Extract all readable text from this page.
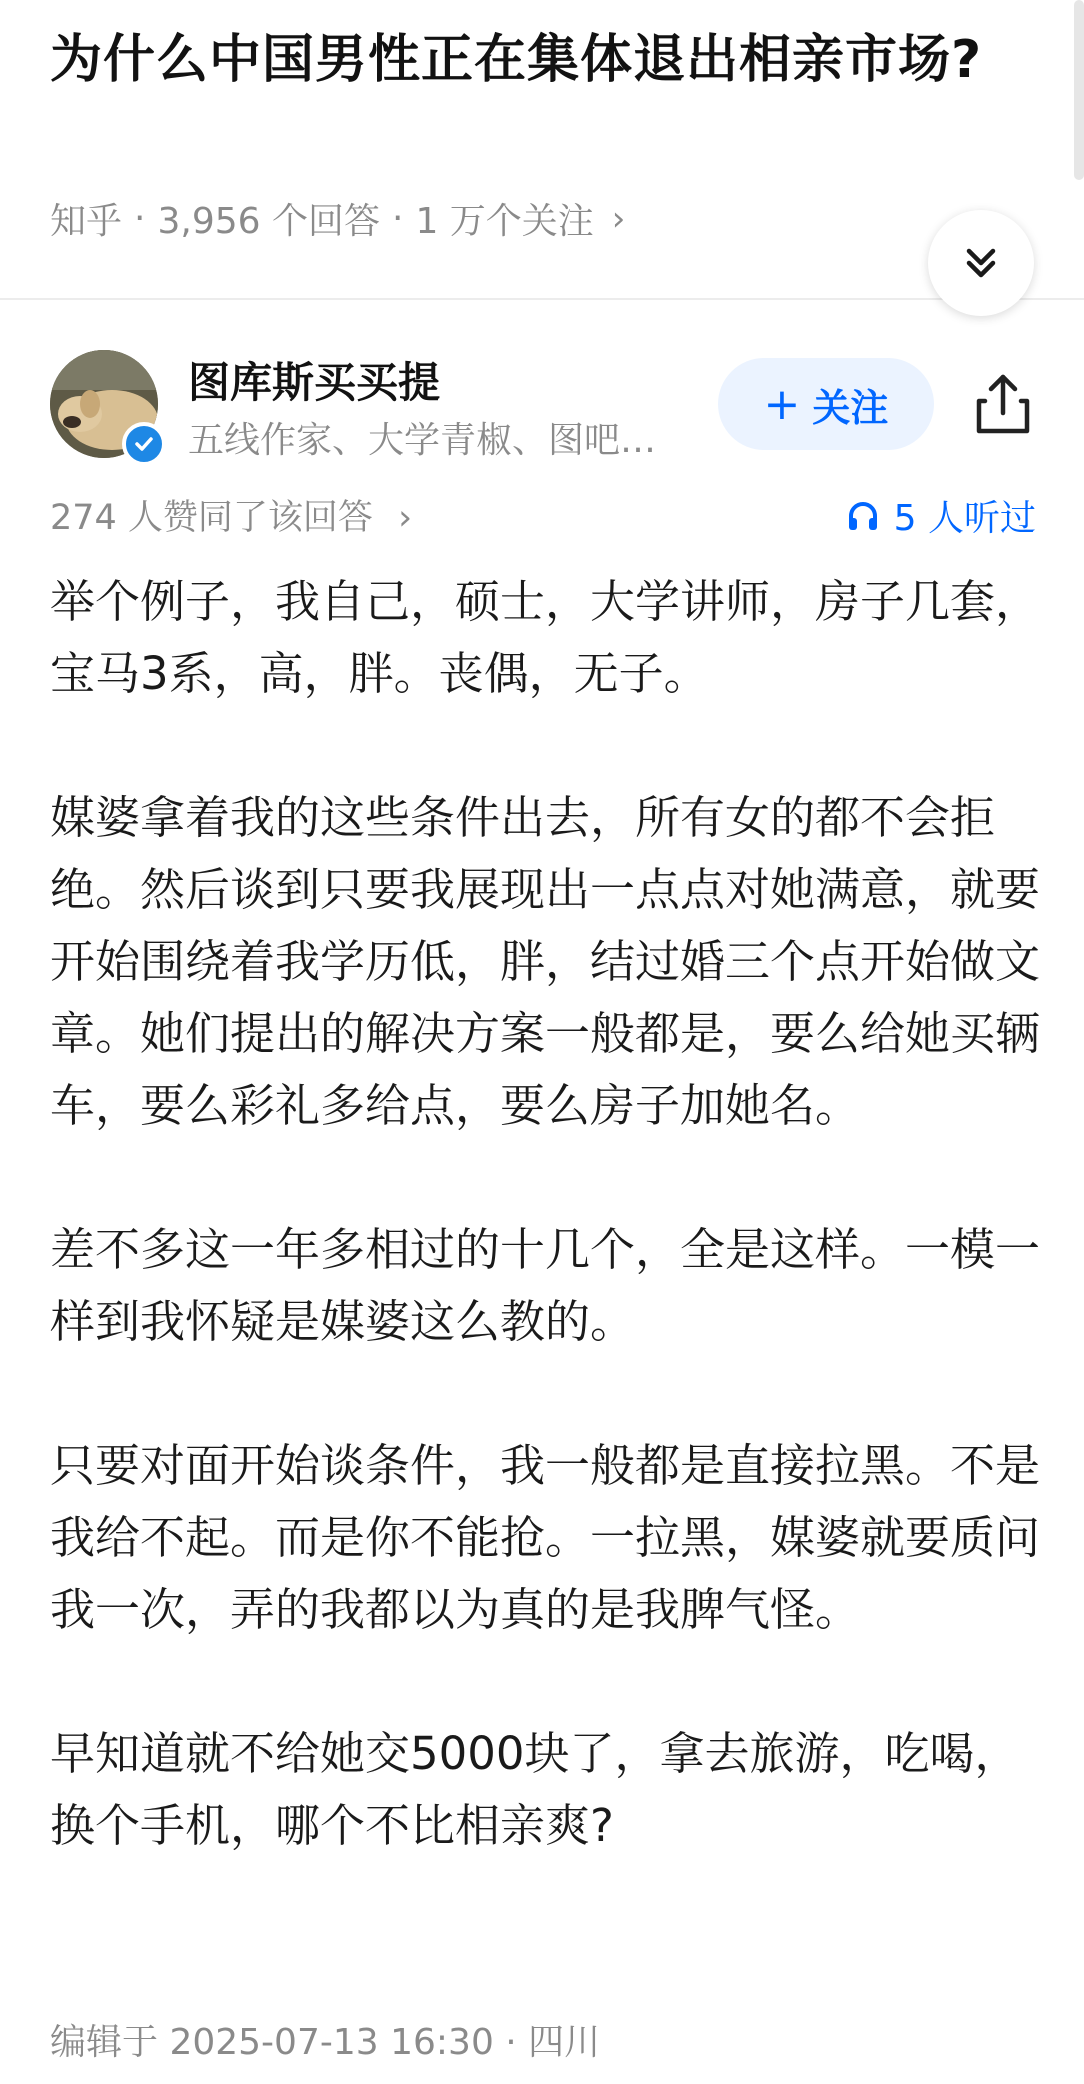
为什么中国男性正在集体退出相亲市场?
知乎 · 3,956 个回答 · 1 万个关注 ›
图库斯买买提
五线作家、大学青椒、图吧…
+ 关注
274 人赞同了该回答 ›	5 人听过

举个例子，我自己，硕士，大学讲师，房子几套，宝马3系，高，胖。丧偶，无子。

媒婆拿着我的这些条件出去，所有女的都不会拒绝。然后谈到只要我展现出一点点对她满意，就要开始围绕着我学历低，胖，结过婚三个点开始做文章。她们提出的解决方案一般都是，要么给她买辆车，要么彩礼多给点，要么房子加她名。

差不多这一年多相过的十几个，全是这样。一模一样到我怀疑是媒婆这么教的。

只要对面开始谈条件，我一般都是直接拉黑。不是我给不起。而是你不能抢。一拉黑，媒婆就要质问我一次，弄的我都以为真的是我脾气怪。

早知道就不给她交5000块了，拿去旅游，吃喝，换个手机，哪个不比相亲爽?

编辑于 2025-07-13 16:30 · 四川
